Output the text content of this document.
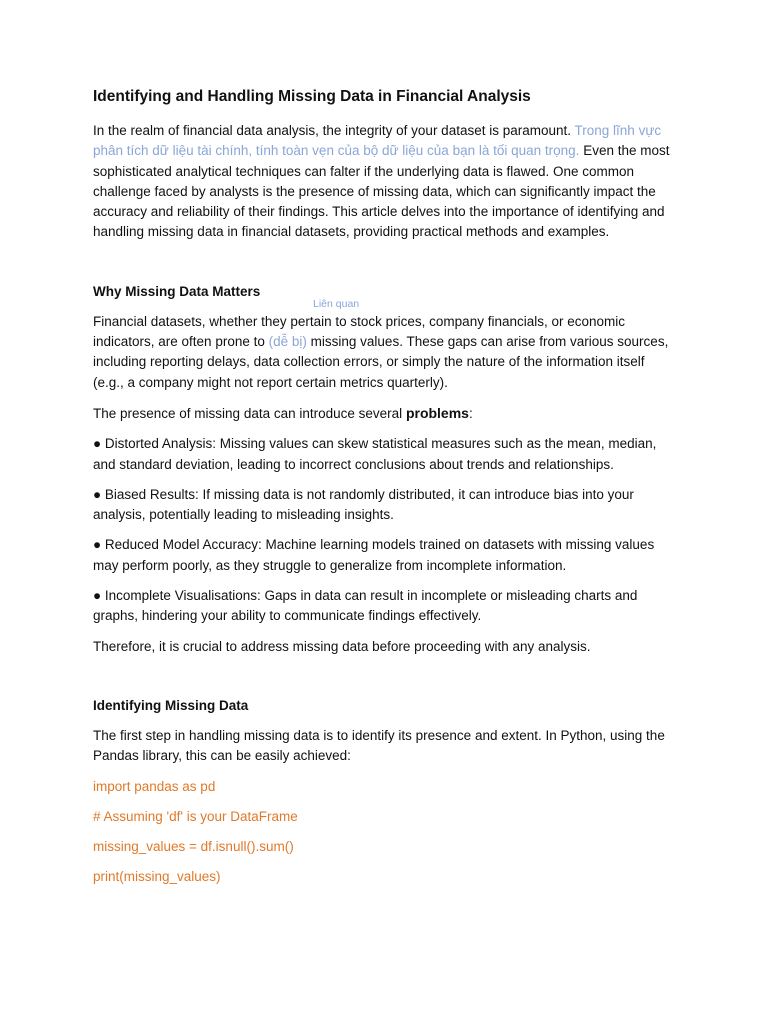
Identifying and Handling Missing Data in Financial Analysis

In the realm of financial data analysis, the integrity of your dataset is paramount. Trong lĩnh vực phân tích dữ liệu tài chính, tính toàn vẹn của bộ dữ liệu của bạn là tối quan trọng. Even the most sophisticated analytical techniques can falter if the underlying data is flawed. One common challenge faced by analysts is the presence of missing data, which can significantly impact the accuracy and reliability of their findings. This article delves into the importance of identifying and handling missing data in financial datasets, providing practical methods and examples.

Why Missing Data Matters

Liên quan
Financial datasets, whether they pertain to stock prices, company financials, or economic indicators, are often prone to (dễ bị) missing values. These gaps can arise from various sources, including reporting delays, data collection errors, or simply the nature of the information itself (e.g., a company might not report certain metrics quarterly).

The presence of missing data can introduce several problems:

● Distorted Analysis: Missing values can skew statistical measures such as the mean, median, and standard deviation, leading to incorrect conclusions about trends and relationships.

● Biased Results: If missing data is not randomly distributed, it can introduce bias into your analysis, potentially leading to misleading insights.

● Reduced Model Accuracy: Machine learning models trained on datasets with missing values may perform poorly, as they struggle to generalize from incomplete information.

● Incomplete Visualisations: Gaps in data can result in incomplete or misleading charts and graphs, hindering your ability to communicate findings effectively.

Therefore, it is crucial to address missing data before proceeding with any analysis.

Identifying Missing Data

The first step in handling missing data is to identify its presence and extent. In Python, using the Pandas library, this can be easily achieved:

import pandas as pd

# Assuming 'df' is your DataFrame

missing_values = df.isnull().sum()

print(missing_values)
